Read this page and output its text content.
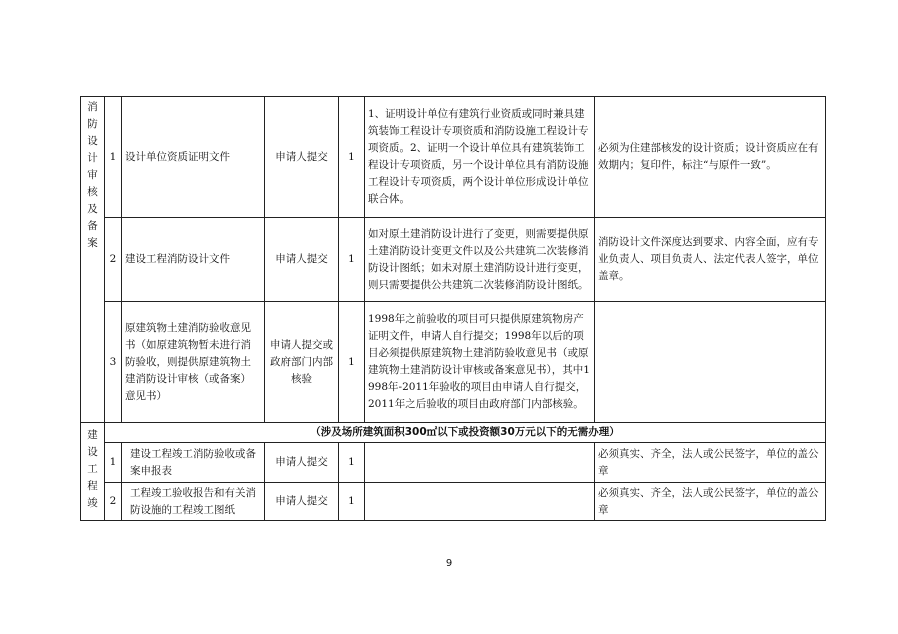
消防设计审核及备案	1	设计单位资质证明文件	申请人提交	1	1、证明设计单位有建筑行业资质或同时兼具建筑装饰工程设计专项资质和消防设施工程设计专项资质。2、证明一个设计单位具有建筑装饰工程设计专项资质，另一个设计单位具有消防设施工程设计专项资质，两个设计单位形成设计单位联合体。	必须为住建部核发的设计资质；设计资质应在有效期内；复印件，标注“与原件一致”。
	2	建设工程消防设计文件	申请人提交	1	如对原土建消防设计进行了变更，则需要提供原土建消防设计变更文件以及公共建筑二次装修消防设计图纸；如未对原土建消防设计进行变更，则只需要提供公共建筑二次装修消防设计图纸。	消防设计文件深度达到要求、内容全面，应有专业负责人、项目负责人、法定代表人签字，单位盖章。
	3	原建筑物土建消防验收意见书（如原建筑物暂未进行消防验收，则提供原建筑物土建消防设计审核（或备案）意见书）	申请人提交或政府部门内部核验	1	1998年之前验收的项目可只提供原建筑物房产证明文件，申请人自行提交；1998年以后的项目必须提供原建筑物土建消防验收意见书（或原建筑物土建消防设计审核或备案意见书），其中1998年-2011年验收的项目由申请人自行提交，2011年之后验收的项目由政府部门内部核验。	
建设工程竣	（涉及场所建筑面积300㎡以下或投资额30万元以下的无需办理）					
	1	建设工程竣工消防验收或备案申报表	申请人提交	1		必须真实、齐全，法人或公民签字，单位的盖公章
	2	工程竣工验收报告和有关消防设施的工程竣工图纸	申请人提交	1		必须真实、齐全，法人或公民签字，单位的盖公章
9
